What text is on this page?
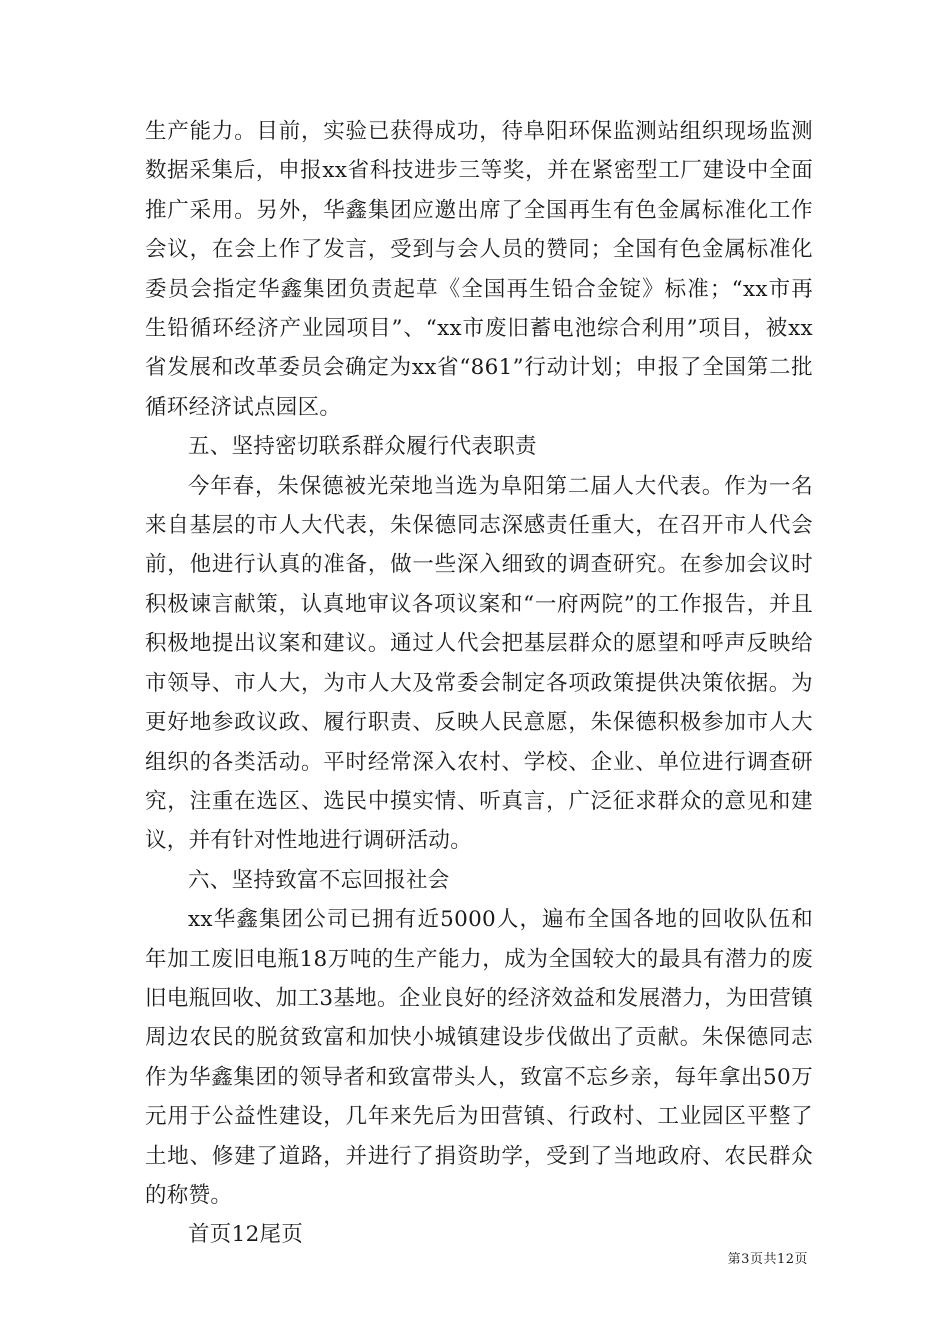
生产能力。目前，实验已获得成功，待阜阳环保监测站组织现场监测数据采集后，申报xx省科技进步三等奖，并在紧密型工厂建设中全面推广采用。另外，华鑫集团应邀出席了全国再生有色金属标准化工作会议，在会上作了发言，受到与会人员的赞同；全国有色金属标准化委员会指定华鑫集团负责起草《全国再生铅合金锭》标准；“xx市再生铅循环经济产业园项目”、“xx市废旧蓄电池综合利用”项目，被xx省发展和改革委员会确定为xx省“861”行动计划；申报了全国第二批循环经济试点园区。

五、坚持密切联系群众履行代表职责

今年春，朱保德被光荣地当选为阜阳第二届人大代表。作为一名来自基层的市人大代表，朱保德同志深感责任重大，在召开市人代会前，他进行认真的准备，做一些深入细致的调查研究。在参加会议时积极谏言献策，认真地审议各项议案和“一府两院”的工作报告，并且积极地提出议案和建议。通过人代会把基层群众的愿望和呼声反映给市领导、市人大，为市人大及常委会制定各项政策提供决策依据。为更好地参政议政、履行职责、反映人民意愿，朱保德积极参加市人大组织的各类活动。平时经常深入农村、学校、企业、单位进行调查研究，注重在选区、选民中摸实情、听真言，广泛征求群众的意见和建议，并有针对性地进行调研活动。

六、坚持致富不忘回报社会

xx华鑫集团公司已拥有近5000人，遍布全国各地的回收队伍和年加工废旧电瓶18万吨的生产能力，成为全国较大的最具有潜力的废旧电瓶回收、加工3基地。企业良好的经济效益和发展潜力，为田营镇周边农民的脱贫致富和加快小城镇建设步伐做出了贡献。朱保德同志作为华鑫集团的领导者和致富带头人，致富不忘乡亲，每年拿出50万元用于公益性建设，几年来先后为田营镇、行政村、工业园区平整了土地、修建了道路，并进行了捐资助学，受到了当地政府、农民群众的称赞。

首页12尾页

第3页共12页
